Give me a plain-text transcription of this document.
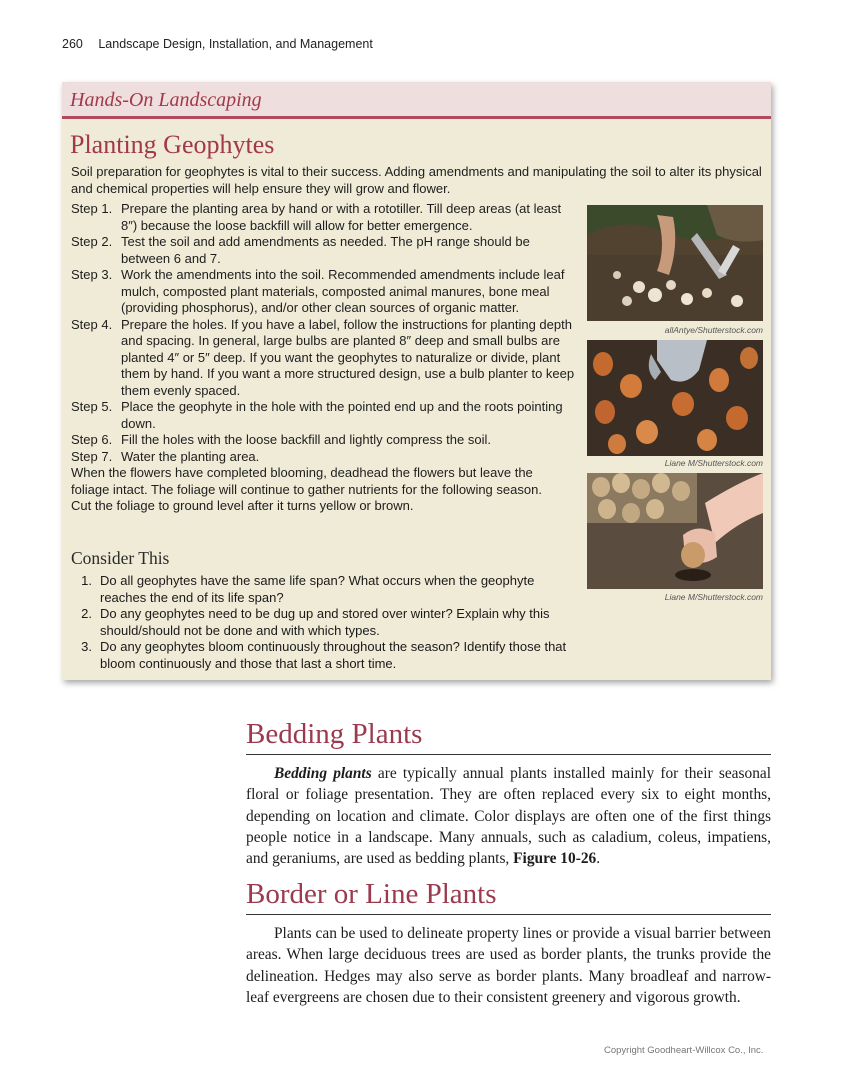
260 Landscape Design, Installation, and Management
Hands-On Landscaping
Planting Geophytes

Soil preparation for geophytes is vital to their success. Adding amendments and manipulating the soil to alter its physical and chemical properties will help ensure they will grow and flower.

Step 1. Prepare the planting area by hand or with a rototiller. Till deep areas (at least 8″) because the loose backfill will allow for better emergence.
Step 2. Test the soil and add amendments as needed. The pH range should be between 6 and 7.
Step 3. Work the amendments into the soil. Recommended amendments include leaf mulch, composted plant materials, composted animal manures, bone meal (providing phosphorus), and/or other clean sources of organic matter.
Step 4. Prepare the holes. If you have a label, follow the instructions for planting depth and spacing. In general, large bulbs are planted 8″ deep and small bulbs are planted 4″ or 5″ deep. If you want the geophytes to naturalize or divide, plant them by hand. If you want a more structured design, use a bulb planter to keep them evenly spaced.
Step 5. Place the geophyte in the hole with the pointed end up and the roots pointing down.
Step 6. Fill the holes with the loose backfill and lightly compress the soil.
Step 7. Water the planting area.

When the flowers have completed blooming, deadhead the flowers but leave the foliage intact. The foliage will continue to gather nutrients for the following season. Cut the foliage to ground level after it turns yellow or brown.

Consider This
1. Do all geophytes have the same life span? What occurs when the geophyte reaches the end of its life span?
2. Do any geophytes need to be dug up and stored over winter? Explain why this should/should not be done and with which types.
3. Do any geophytes bloom continuously throughout the season? Identify those that bloom continuously and those that last a short time.
allAntye/Shutterstock.com
Liane M/Shutterstock.com
Liane M/Shutterstock.com
Bedding Plants

Bedding plants are typically annual plants installed mainly for their seasonal floral or foliage presentation. They are often replaced every six to eight months, depending on location and climate. Color displays are often one of the first things people notice in a landscape. Many annuals, such as caladium, coleus, impatiens, and geraniums, are used as bedding plants, Figure 10-26.

Border or Line Plants

Plants can be used to delineate property lines or provide a visual barrier between areas. When large deciduous trees are used as border plants, the trunks provide the delineation. Hedges may also serve as border plants. Many broadleaf and narrow-leaf evergreens are chosen due to their consistent greenery and vigorous growth.

Copyright Goodheart-Willcox Co., Inc.
